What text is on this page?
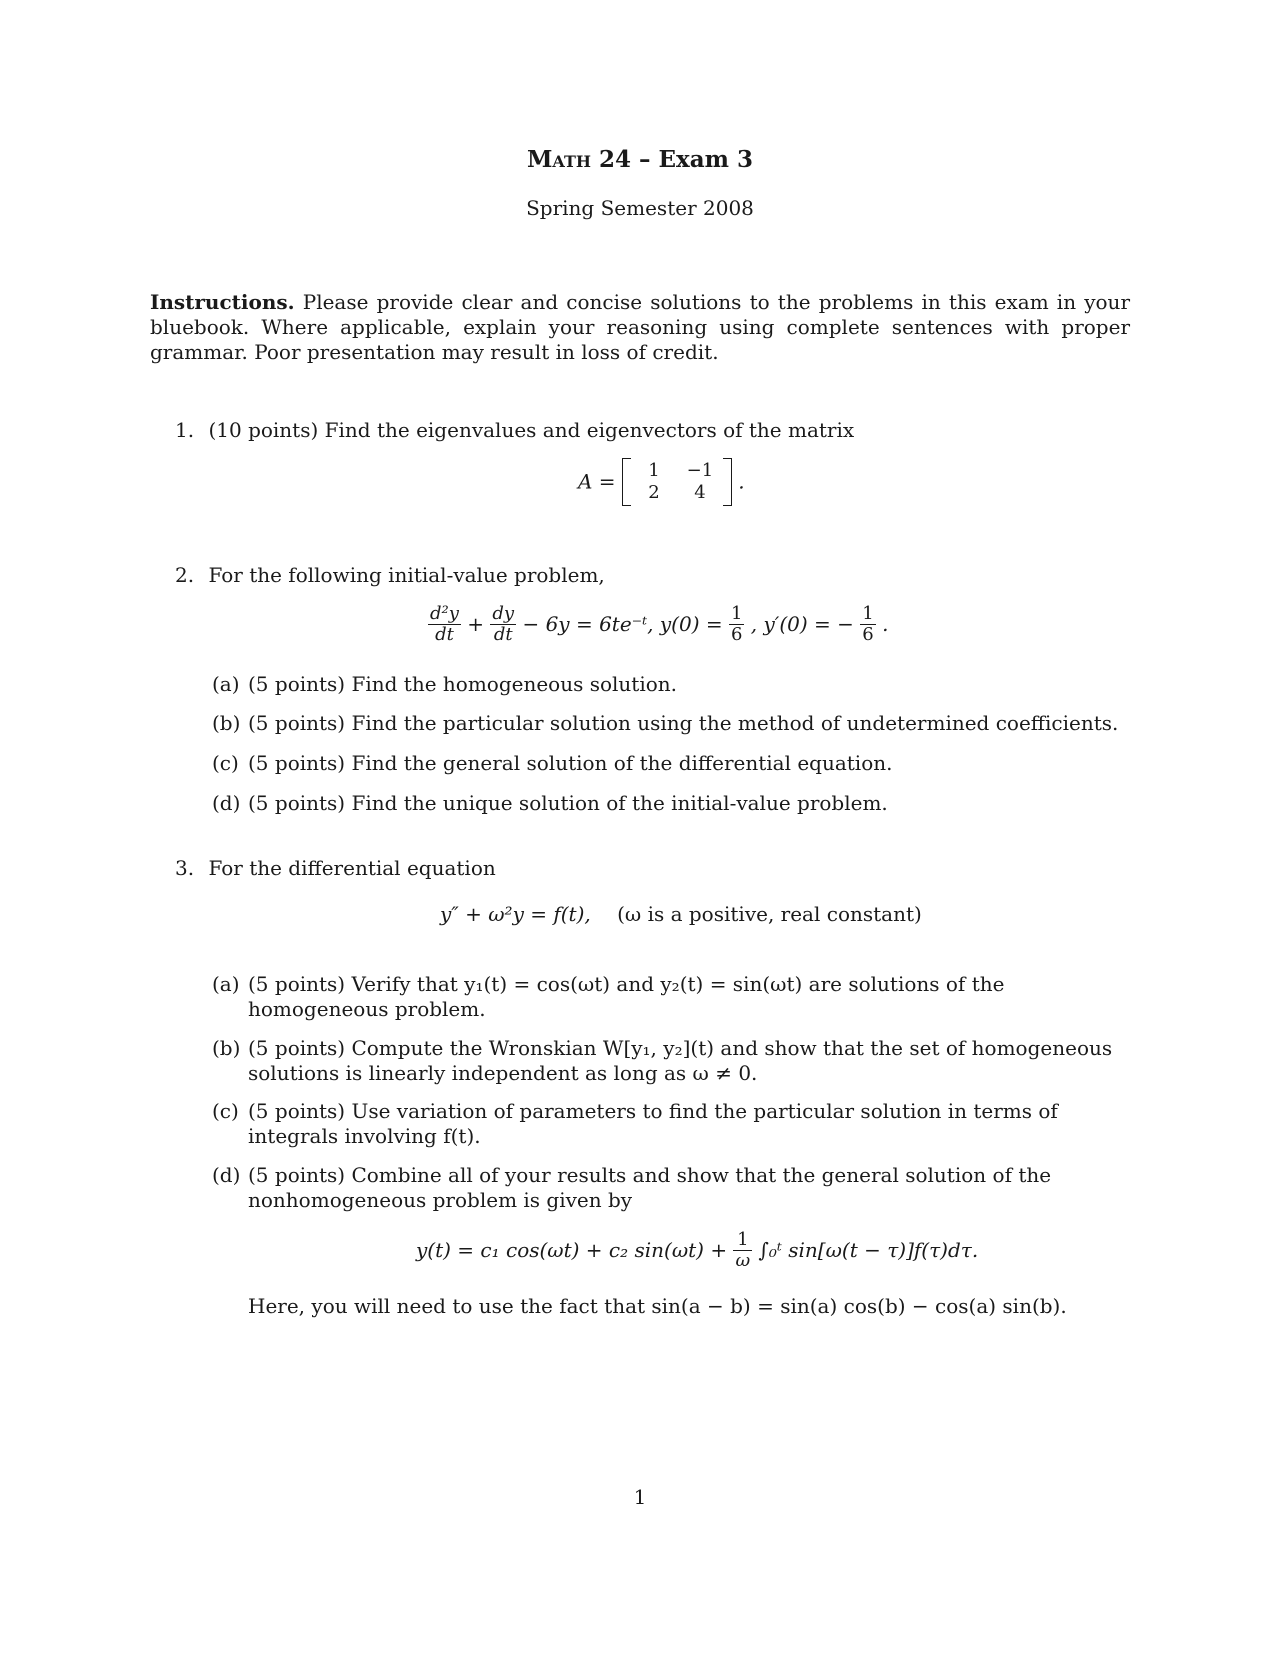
Math 24 – Exam 3
Spring Semester 2008
Instructions. Please provide clear and concise solutions to the problems in this exam in your bluebook. Where applicable, explain your reasoning using complete sentences with proper grammar. Poor presentation may result in loss of credit.
1. (10 points) Find the eigenvalues and eigenvectors of the matrix
A =	1 −1
2 4	.
2. For the following initial-value problem,
$\frac{\text{d²y}}{dt} + \frac{dy}{dt} - 6y$ = 6te⁻ᵗ, $y(0) = \frac{1}{6}$ , y′(0) = − $\frac{1}{6}$ .
(a) (5 points) Find the homogeneous solution.
(b) (5 points) Find the particular solution using the method of undetermined coefficients.
(c) (5 points) Find the general solution of the differential equation.
(d) (5 points) Find the unique solution of the initial-value problem.
3. For the differential equation
y″ + ω²y = f(t), (ω is a positive, real constant)
(a) (5 points) Verify that y₁(t) = cos(ωt) and y₂(t) = sin(ωt) are solutions of the homogeneous problem.
(b) (5 points) Compute the Wronskian W[y₁, y₂](t) and show that the set of homogeneous solutions is linearly independent as long as ω ≠ 0.
(c) (5 points) Use variation of parameters to find the particular solution in terms of integrals involving f(t).
(d) (5 points) Combine all of your results and show that the general solution of the nonhomogeneous problem is given by
y(t) = c₁ cos(ωt) + c₂ $\sin(\omega t) + \frac{1}{\omega}$ ∫₀ᵗ sin[ω(t − τ)]f(τ)dτ.
Here, you will need to use the fact that sin(a − b) = sin(a) cos(b) − cos(a) sin(b).
1
